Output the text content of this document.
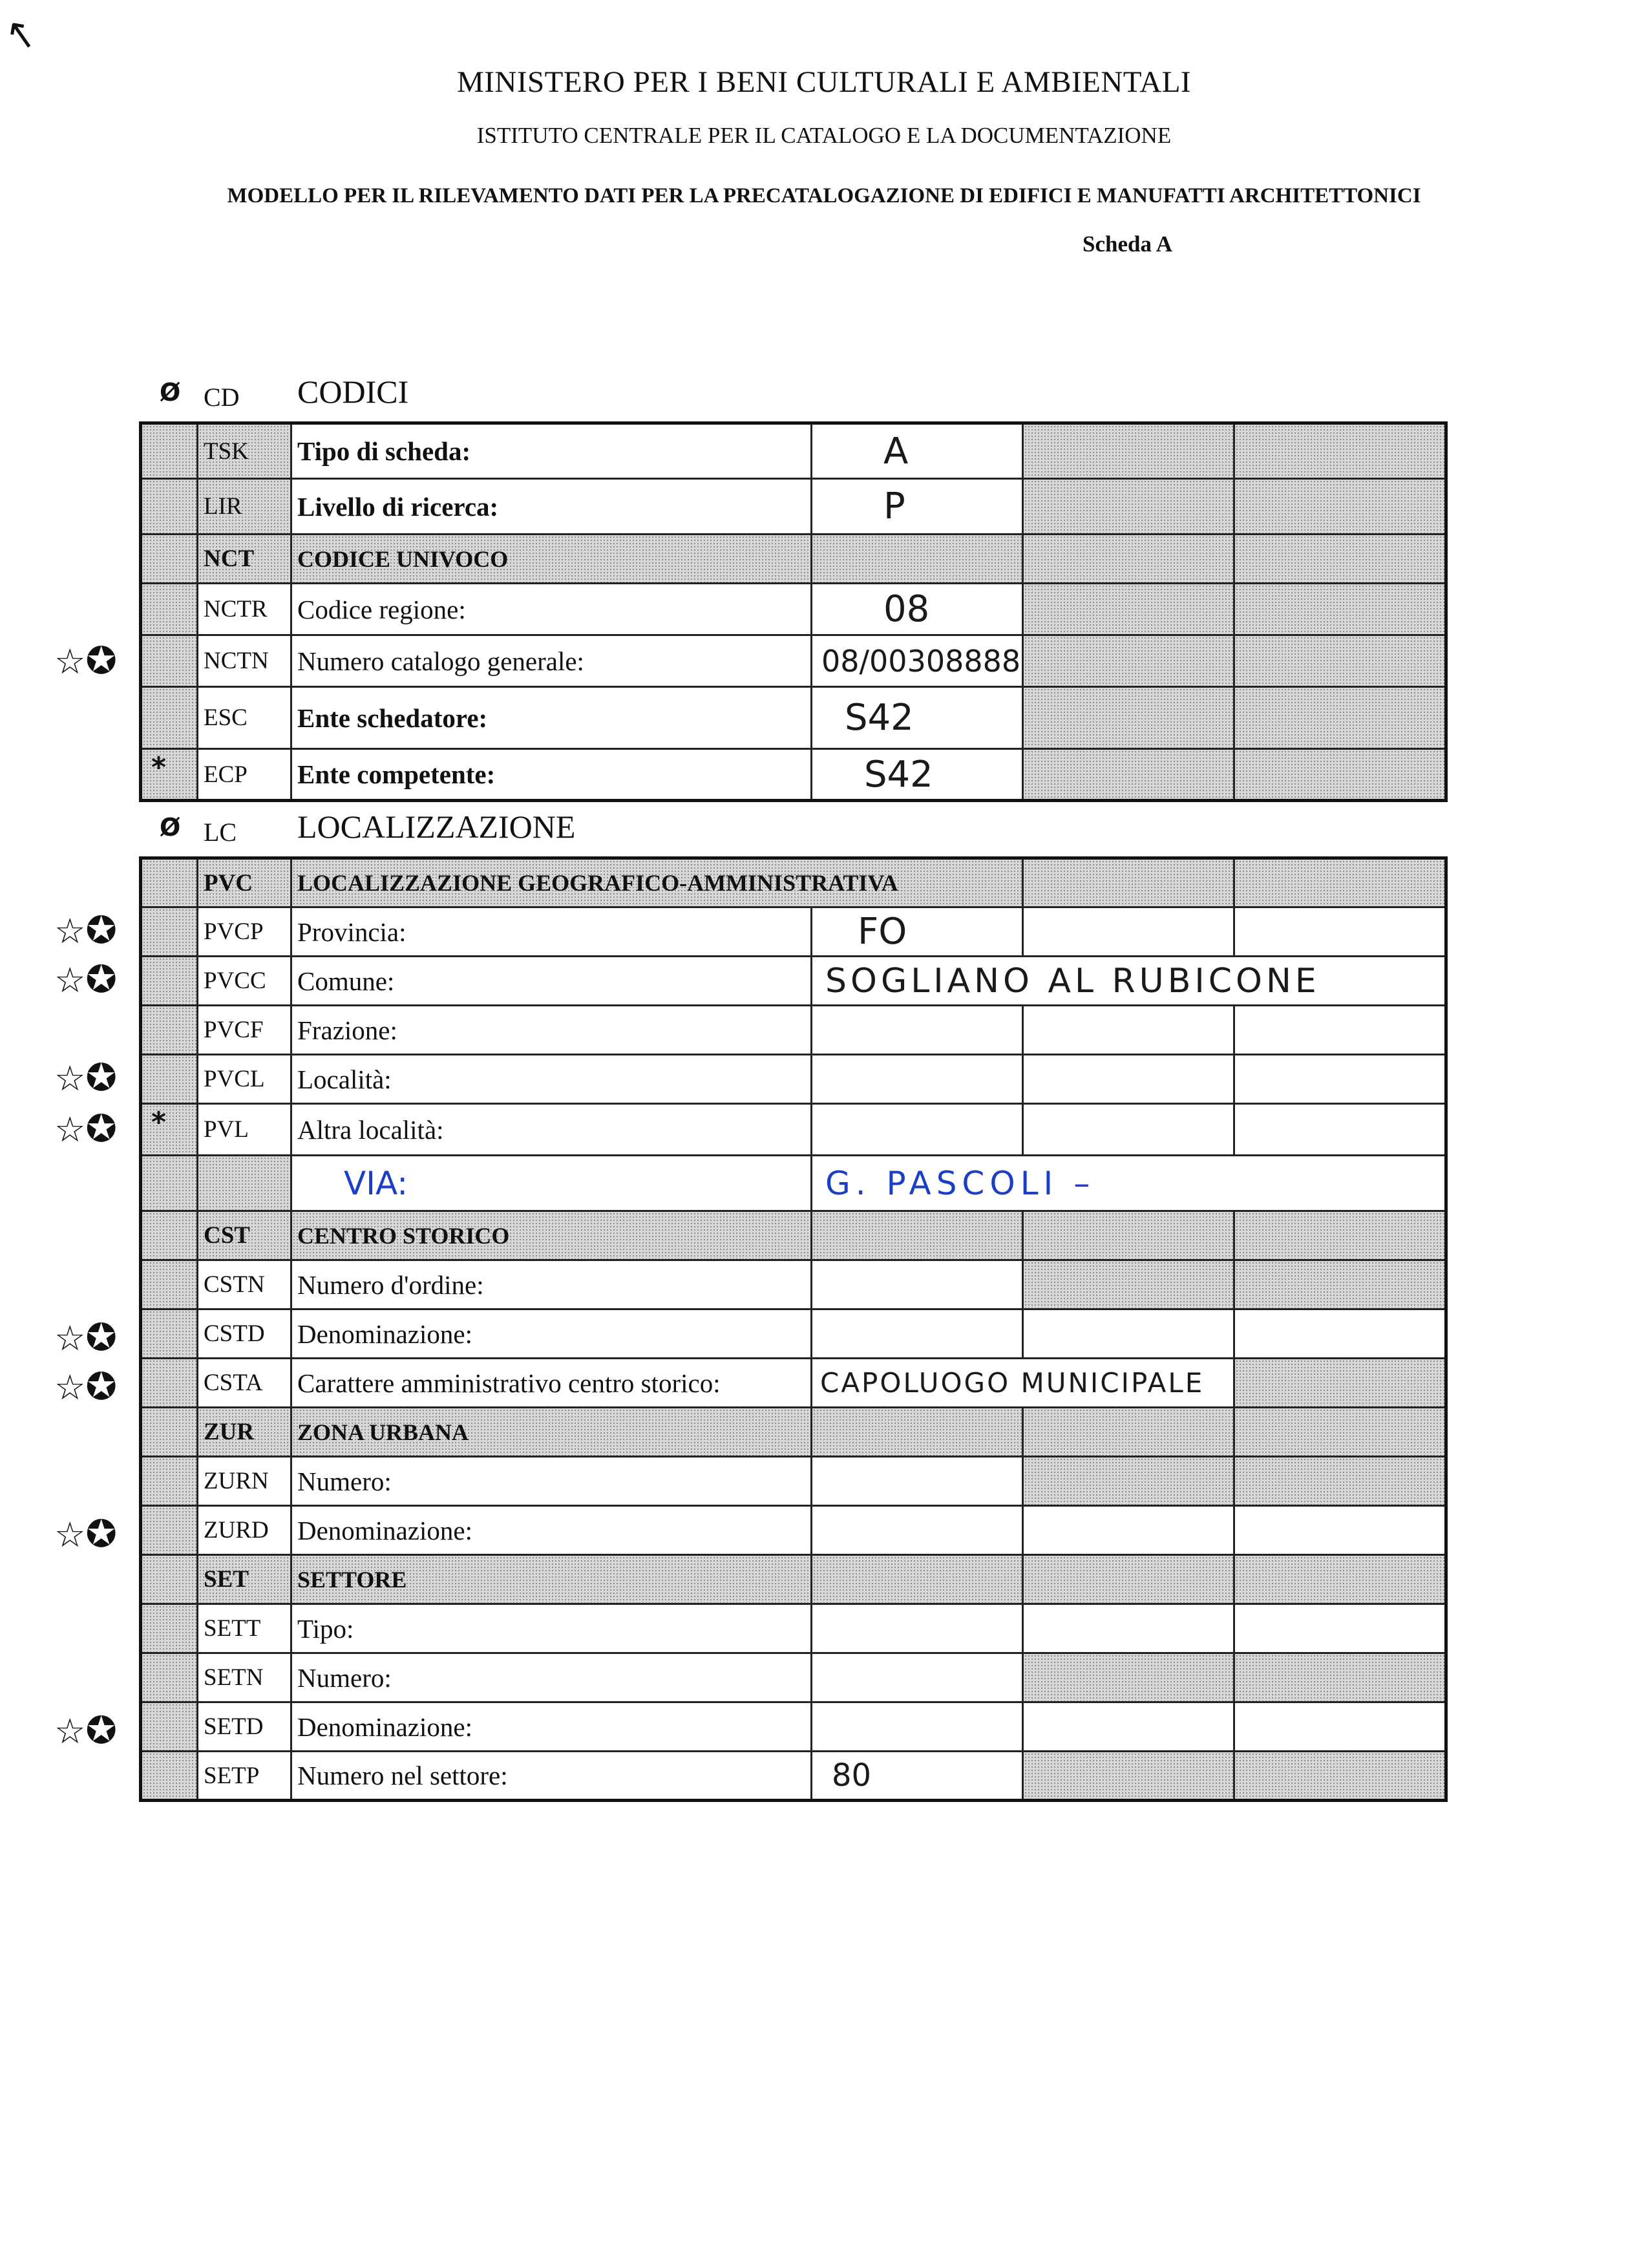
↖
MINISTERO PER I BENI CULTURALI E AMBIENTALI
ISTITUTO CENTRALE PER IL CATALOGO E LA DOCUMENTAZIONE
MODELLO PER IL RILEVAMENTO DATI PER LA PRECATALOGAZIONE DI EDIFICI E MANUFATTI ARCHITETTONICI
Scheda A
Ø CD CODICI
	TSK	Tipo di scheda:	A		
	LIR	Livello di ricerca:	P		
	NCT	CODICE UNIVOCO			
	NCTR	Codice regione:	08		
	NCTN	Numero catalogo generale:	08/00308888		
	ESC	Ente schedatore:	S42		

*	ECP	Ente competente:	S42		
Ø LC LOCALIZZAZIONE
	PVC	LOCALIZZAZIONE GEOGRAFICO-AMMINISTRATIVA			
	PVCP	Provincia:	FO		
	PVCC	Comune:	SOGLIANO AL RUBICONE		
	PVCF	Frazione:			
	PVCL	Località:			

*	PVL	Altra località:			
		VIA:	G. PASCOLI –		
	CST	CENTRO STORICO			
	CSTN	Numero d'ordine:			
	CSTD	Denominazione:			
	CSTA	Carattere amministrativo centro storico:	CAPOLUOGO MUNICIPALE		
	ZUR	ZONA URBANA			
	ZURN	Numero:			
	ZURD	Denominazione:			
	SET	SETTORE			
	SETT	Tipo:			
	SETN	Numero:			
	SETD	Denominazione:			
	SETP	Numero nel settore:	80		
☆✪
☆✪
☆✪
☆✪
☆✪
☆✪
☆✪
☆✪
☆✪
